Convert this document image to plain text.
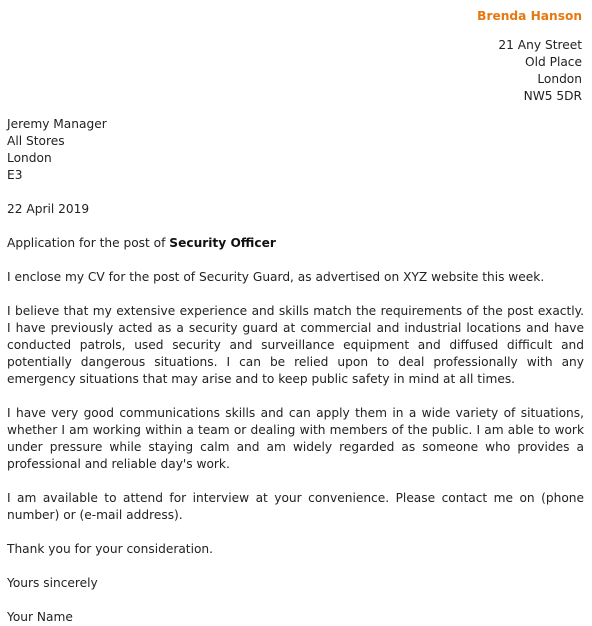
Brenda Hanson
21 Any Street
Old Place
London
NW5 5DR
Jeremy Manager
All Stores
London
E3
22 April 2019
Application for the post of Security Officer

I enclose my CV for the post of Security Guard, as advertised on XYZ website this week.

I believe that my extensive experience and skills match the requirements of the post exactly. I have previously acted as a security guard at commercial and industrial locations and have conducted patrols, used security and surveillance equipment and diffused difficult and potentially dangerous situations. I can be relied upon to deal professionally with any emergency situations that may arise and to keep public safety in mind at all times.

I have very good communications skills and can apply them in a wide variety of situations, whether I am working within a team or dealing with members of the public. I am able to work under pressure while staying calm and am widely regarded as someone who provides a professional and reliable day's work.

I am available to attend for interview at your convenience. Please contact me on (phone number) or (e-mail address).

Thank you for your consideration.

Yours sincerely
Your Name
